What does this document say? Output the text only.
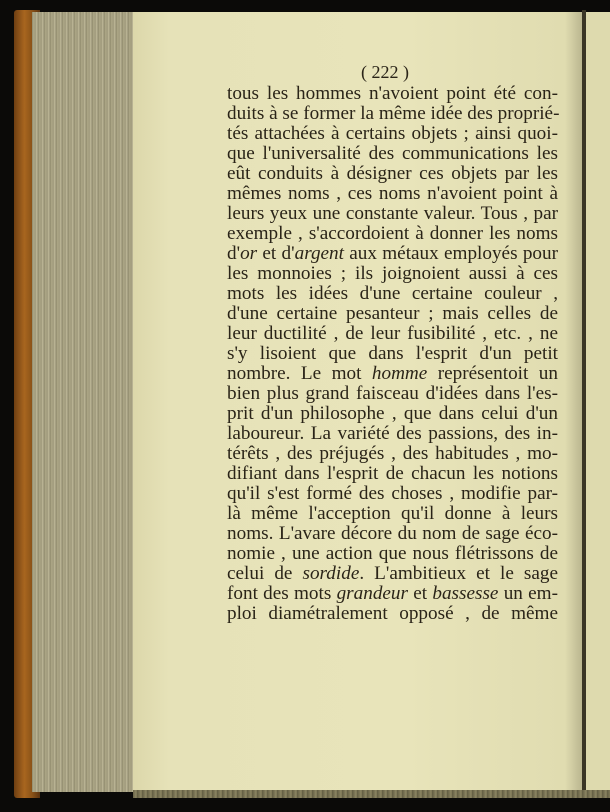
( 222 )
tous les hommes n'avoient point été con-
duits à se former la même idée des proprié-
tés attachées à certains objets ; ainsi quoi-
que l'universalité des communications les
eût conduits à désigner ces objets par les
mêmes noms , ces noms n'avoient point à
leurs yeux une constante valeur. Tous , par
exemple , s'accordoient à donner les noms
d'or et d'argent aux métaux employés pour
les monnoies ; ils joignoient aussi à ces
mots les idées d'une certaine couleur ,
d'une certaine pesanteur ; mais celles de
leur ductilité , de leur fusibilité , etc. , ne
s'y lisoient que dans l'esprit d'un petit
nombre. Le mot homme représentoit un
bien plus grand faisceau d'idées dans l'es-
prit d'un philosophe , que dans celui d'un
laboureur. La variété des passions, des in-
térêts , des préjugés , des habitudes , mo-
difiant dans l'esprit de chacun les notions
qu'il s'est formé des choses , modifie par-
là même l'acception qu'il donne à leurs
noms. L'avare décore du nom de sage éco-
nomie , une action que nous flétrissons de
celui de sordide. L'ambitieux et le sage
font des mots grandeur et bassesse un em-
ploi diamétralement opposé , de même
